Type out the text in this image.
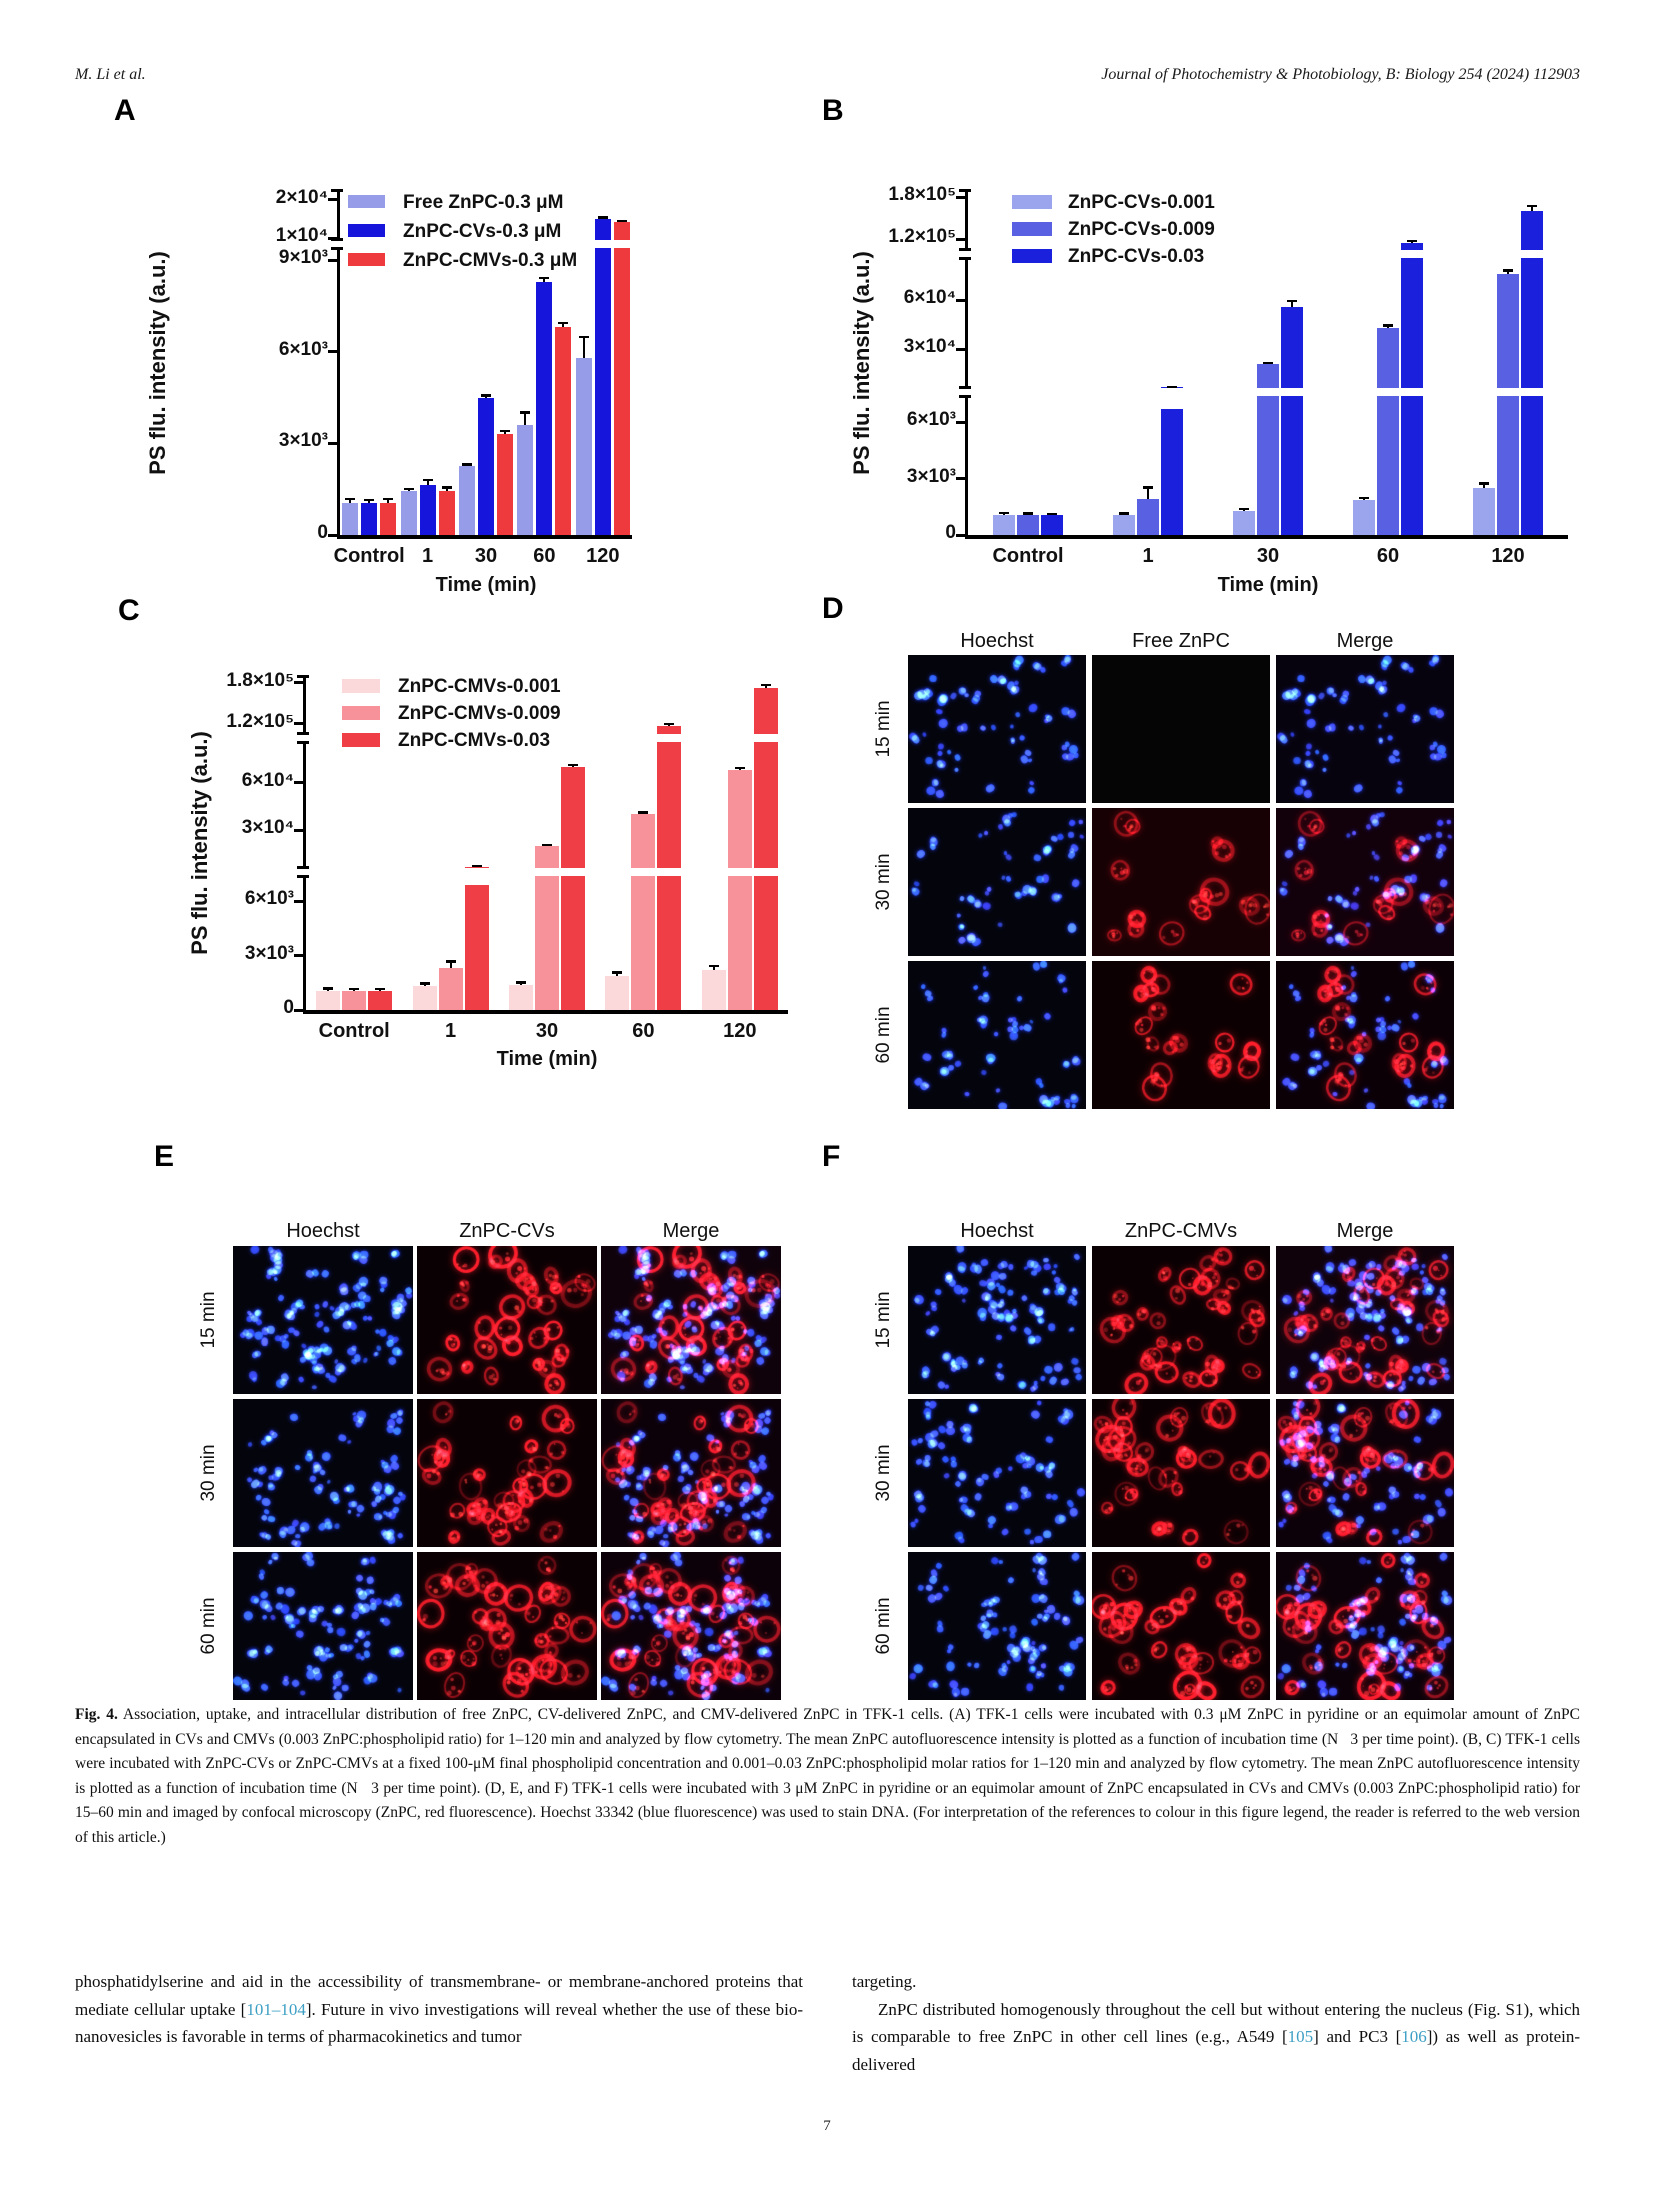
M. Li et al.	Journal of Photochemistry & Photobiology, B: Biology 254 (2024) 112903
A
2×10⁴
1×10⁴
9×10³
6×10³
3×10³
0
Control 1	30	60	120
Time (min)
PS flu. intensity (a.u.)
Free ZnPC-0.3 μM
ZnPC-CVs-0.3 μM
ZnPC-CMVs-0.3 μM
B
1.8×10⁵
1.2×10⁵
6×10⁴
3×10⁴
6×10³
3×10³
0
Control	1	30	60	120
Time (min)
PS flu. intensity (a.u.)
ZnPC-CVs-0.001
ZnPC-CVs-0.009
ZnPC-CVs-0.03
C
1.8×10⁵
1.2×10⁵
6×10⁴
3×10⁴
6×10³
3×10³
0
Control	1	30	60	120
Time (min)
PS flu. intensity (a.u.)
ZnPC-CMVs-0.001
ZnPC-CMVs-0.009
ZnPC-CMVs-0.03
D
Hoechst	Free ZnPC	Merge
15 min
30 min
60 min
E
Hoechst	ZnPC-CVs	Merge
15 min
30 min
60 min
F
Hoechst	ZnPC-CMVs	Merge
15 min
30 min
60 min
Fig. 4. Association, uptake, and intracellular distribution of free ZnPC, CV-delivered ZnPC, and CMV-delivered ZnPC in TFK-1 cells. (A) TFK-1 cells were incubated with 0.3 μM ZnPC in pyridine or an equimolar amount of ZnPC encapsulated in CVs and CMVs (0.003 ZnPC:phospholipid ratio) for 1–120 min and analyzed by flow cytometry. The mean ZnPC autofluorescence intensity is plotted as a function of incubation time (N   3 per time point). (B, C) TFK-1 cells were incubated with ZnPC-CVs or ZnPC-CMVs at a fixed 100-μM final phospholipid concentration and 0.001–0.03 ZnPC:phospholipid molar ratios for 1–120 min and analyzed by flow cytometry. The mean ZnPC autofluorescence intensity is plotted as a function of incubation time (N   3 per time point). (D, E, and F) TFK-1 cells were incubated with 3 μM ZnPC in pyridine or an equimolar amount of ZnPC encapsulated in CVs and CMVs (0.003 ZnPC:phospholipid ratio) for 15–60 min and imaged by confocal microscopy (ZnPC, red fluorescence). Hoechst 33342 (blue fluorescence) was used to stain DNA. (For interpretation of the references to colour in this figure legend, the reader is referred to the web version of this article.)

phosphatidylserine and aid in the accessibility of transmembrane- or membrane-anchored proteins that mediate cellular uptake [101–104]. Future in vivo investigations will reveal whether the use of these bio-nanovesicles is favorable in terms of pharmacokinetics and tumor

targeting.

ZnPC distributed homogenously throughout the cell but without entering the nucleus (Fig. S1), which is comparable to free ZnPC in other cell lines (e.g., A549 [105] and PC3 [106]) as well as protein-delivered

7
